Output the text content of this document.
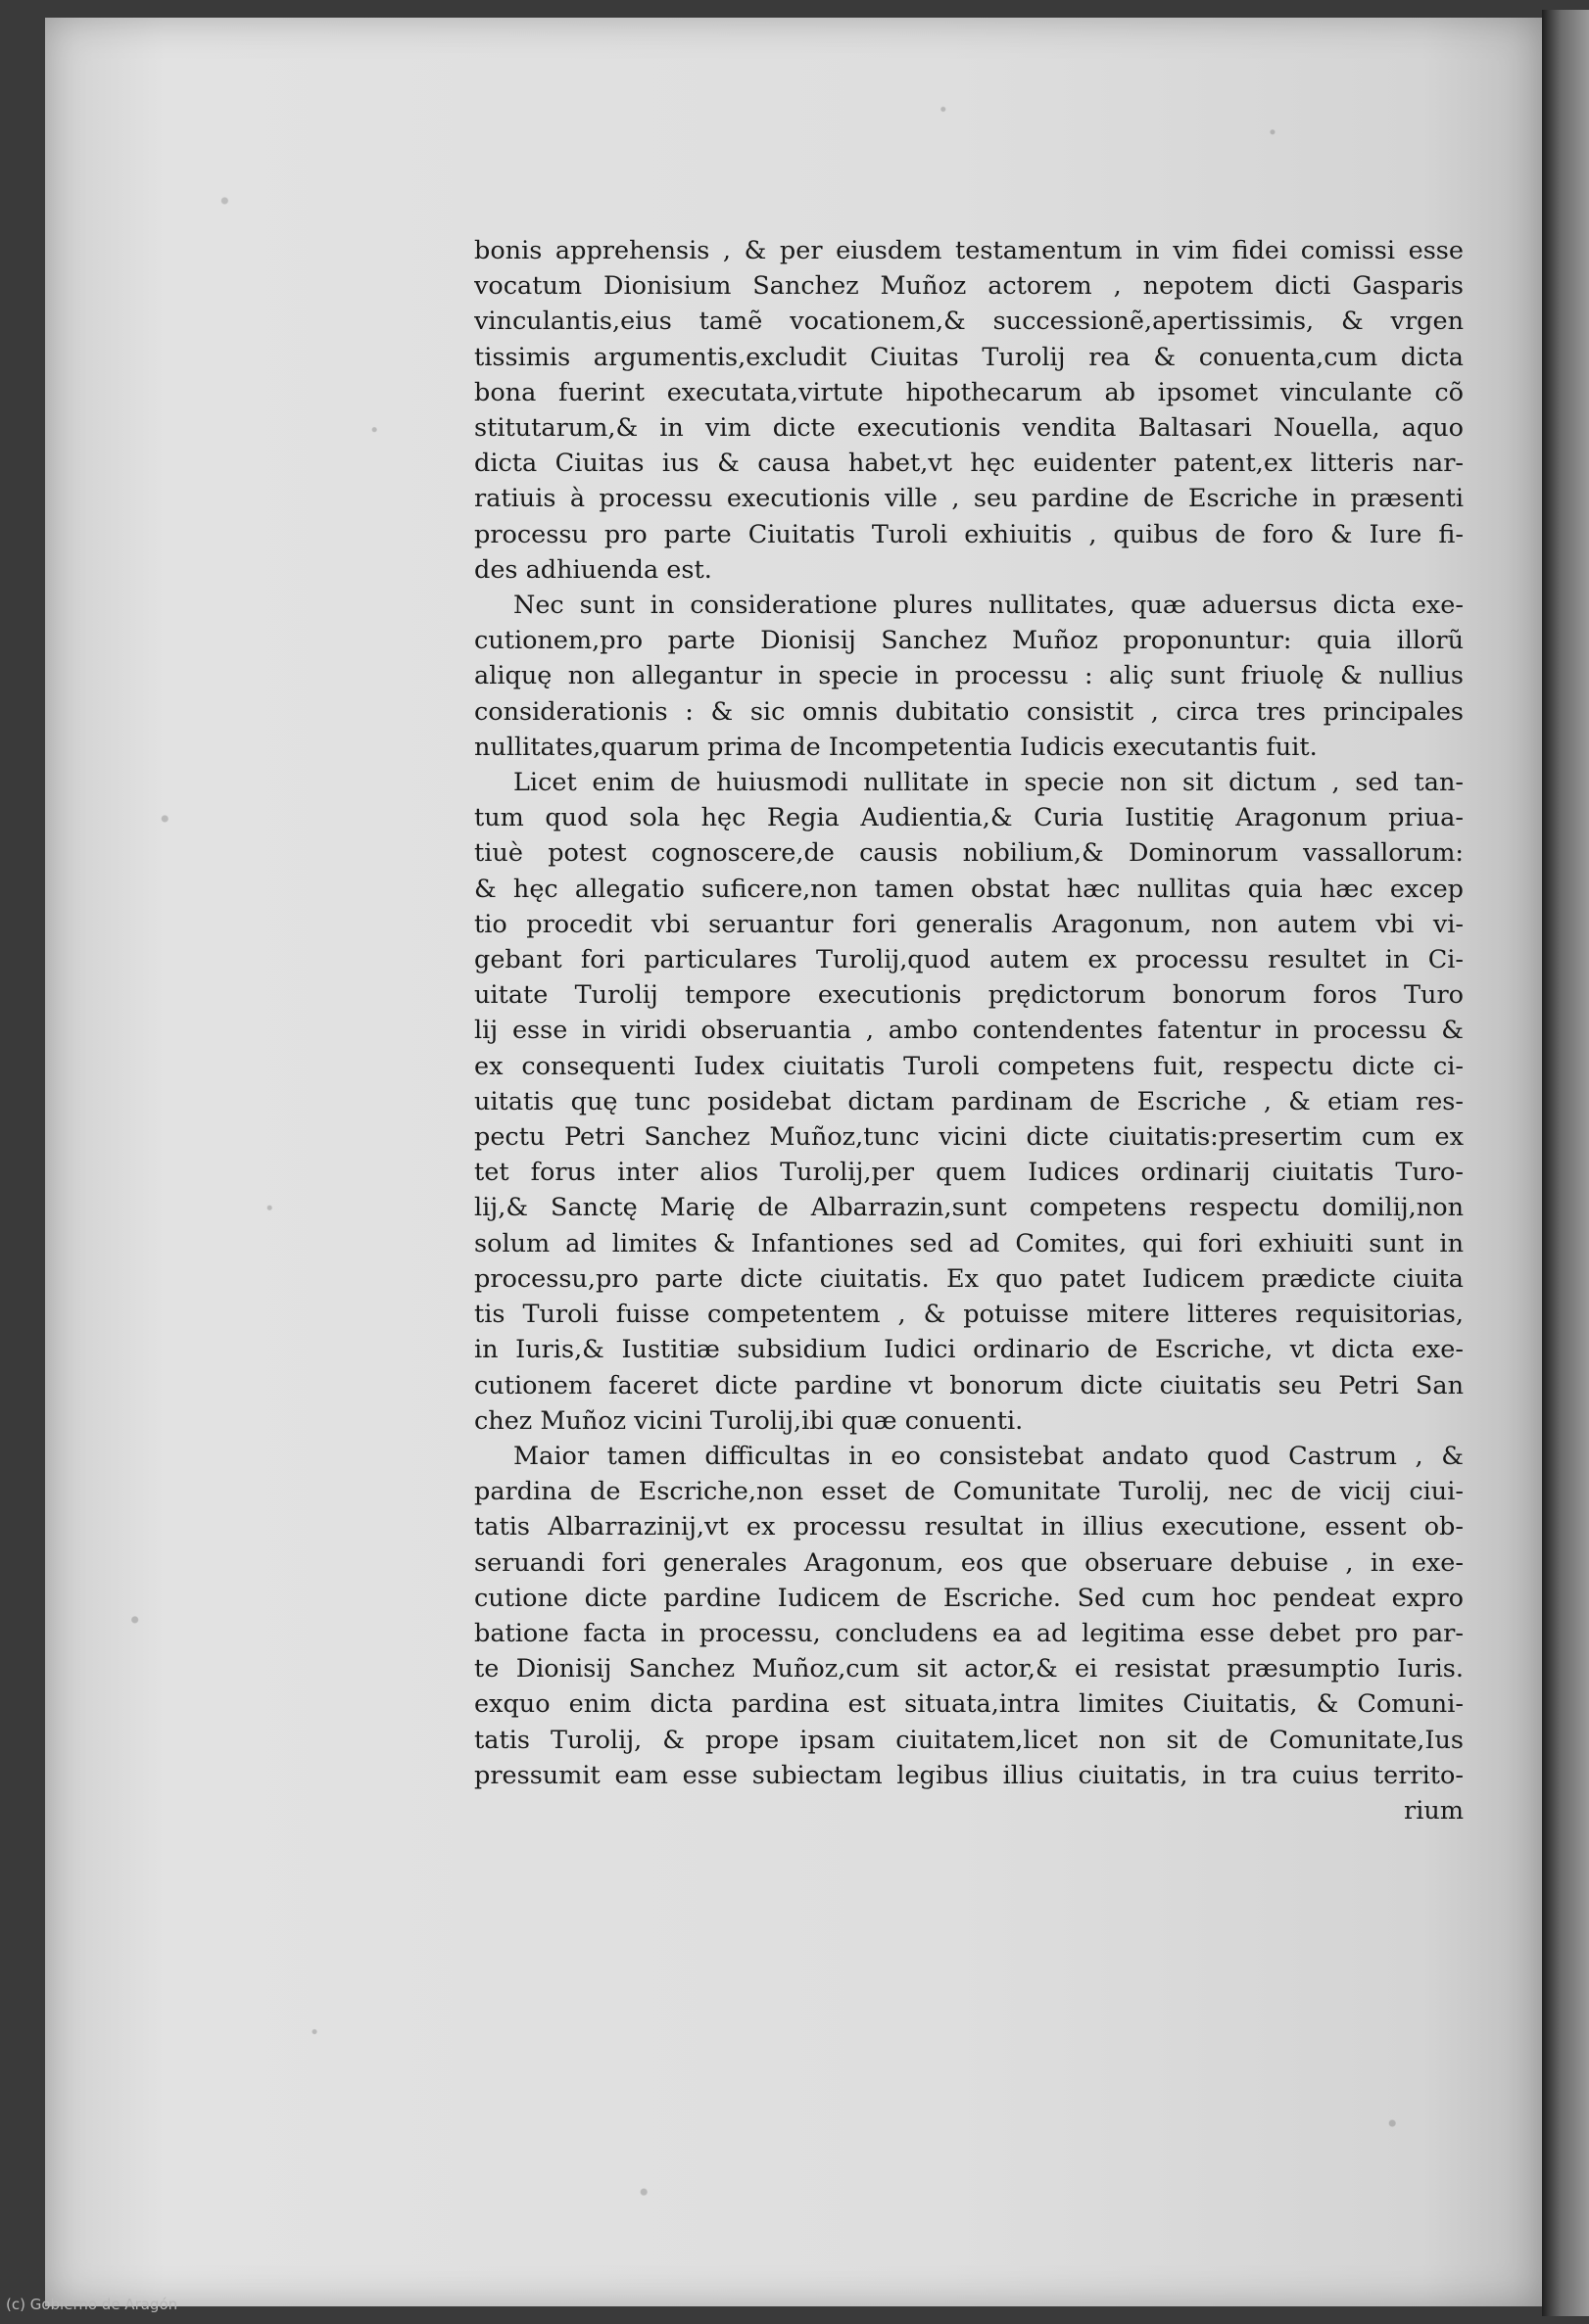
bonis apprehensis , & per eiusdem testamentum in vim fidei comissi esse
vocatum Dionisium Sanchez Muñoz actorem , nepotem dicti Gasparis
vinculantis,eius tamẽ vocationem,& successionẽ,apertissimis, & vrgen
tissimis argumentis,excludit Ciuitas Turolij rea & conuenta,cum dicta
bona fuerint executata,virtute hipothecarum ab ipsomet vinculante cõ
stitutarum,& in vim dicte executionis vendita Baltasari Nouella, aquo
dicta Ciuitas ius & causa habet,vt hęc euidenter patent,ex litteris nar-
ratiuis à processu executionis ville , seu pardine de Escriche in præsenti
processu pro parte Ciuitatis Turoli exhiuitis , quibus de foro & Iure fi-
des adhiuenda est.

Nec sunt in consideratione plures nullitates, quæ aduersus dicta exe-
cutionem,pro parte Dionisij Sanchez Muñoz proponuntur: quia illorũ
aliquę non allegantur in specie in processu : aliç sunt friuolę & nullius
considerationis : & sic omnis dubitatio consistit , circa tres principales
nullitates,quarum prima de Incompetentia Iudicis executantis fuit.

Licet enim de huiusmodi nullitate in specie non sit dictum , sed tan-
tum quod sola hęc Regia Audientia,& Curia Iustitię Aragonum priua-
tiuè potest cognoscere,de causis nobilium,& Dominorum vassallorum:
& hęc allegatio suficere,non tamen obstat hæc nullitas quia hæc excep
tio procedit vbi seruantur fori generalis Aragonum, non autem vbi vi-
gebant fori particulares Turolij,quod autem ex processu resultet in Ci-
uitate Turolij tempore executionis prędictorum bonorum foros Turo
lij esse in viridi obseruantia , ambo contendentes fatentur in processu &
ex consequenti Iudex ciuitatis Turoli competens fuit, respectu dicte ci-
uitatis quę tunc posidebat dictam pardinam de Escriche , & etiam res-
pectu Petri Sanchez Muñoz,tunc vicini dicte ciuitatis:presertim cum ex
tet forus inter alios Turolij,per quem Iudices ordinarij ciuitatis Turo-
lij,& Sanctę Marię de Albarrazin,sunt competens respectu domilij,non
solum ad limites & Infantiones sed ad Comites, qui fori exhiuiti sunt in
processu,pro parte dicte ciuitatis. Ex quo patet Iudicem prædicte ciuita
tis Turoli fuisse competentem , & potuisse mitere litteres requisitorias,
in Iuris,& Iustitiæ subsidium Iudici ordinario de Escriche, vt dicta exe-
cutionem faceret dicte pardine vt bonorum dicte ciuitatis seu Petri San
chez Muñoz vicini Turolij,ibi quæ conuenti.

Maior tamen difficultas in eo consistebat andato quod Castrum , &
pardina de Escriche,non esset de Comunitate Turolij, nec de vicij ciui-
tatis Albarrazinij,vt ex processu resultat in illius executione, essent ob-
seruandi fori generales Aragonum, eos que obseruare debuise , in exe-
cutione dicte pardine Iudicem de Escriche. Sed cum hoc pendeat expro
batione facta in processu, concludens ea ad legitima esse debet pro par-
te Dionisij Sanchez Muñoz,cum sit actor,& ei resistat præsumptio Iuris.
exquo enim dicta pardina est situata,intra limites Ciuitatis, & Comuni-
tatis Turolij, & prope ipsam ciuitatem,licet non sit de Comunitate,Ius
pressumit eam esse subiectam legibus illius ciuitatis, in tra cuius territo-

rium
(c) Gobierno de Aragón
